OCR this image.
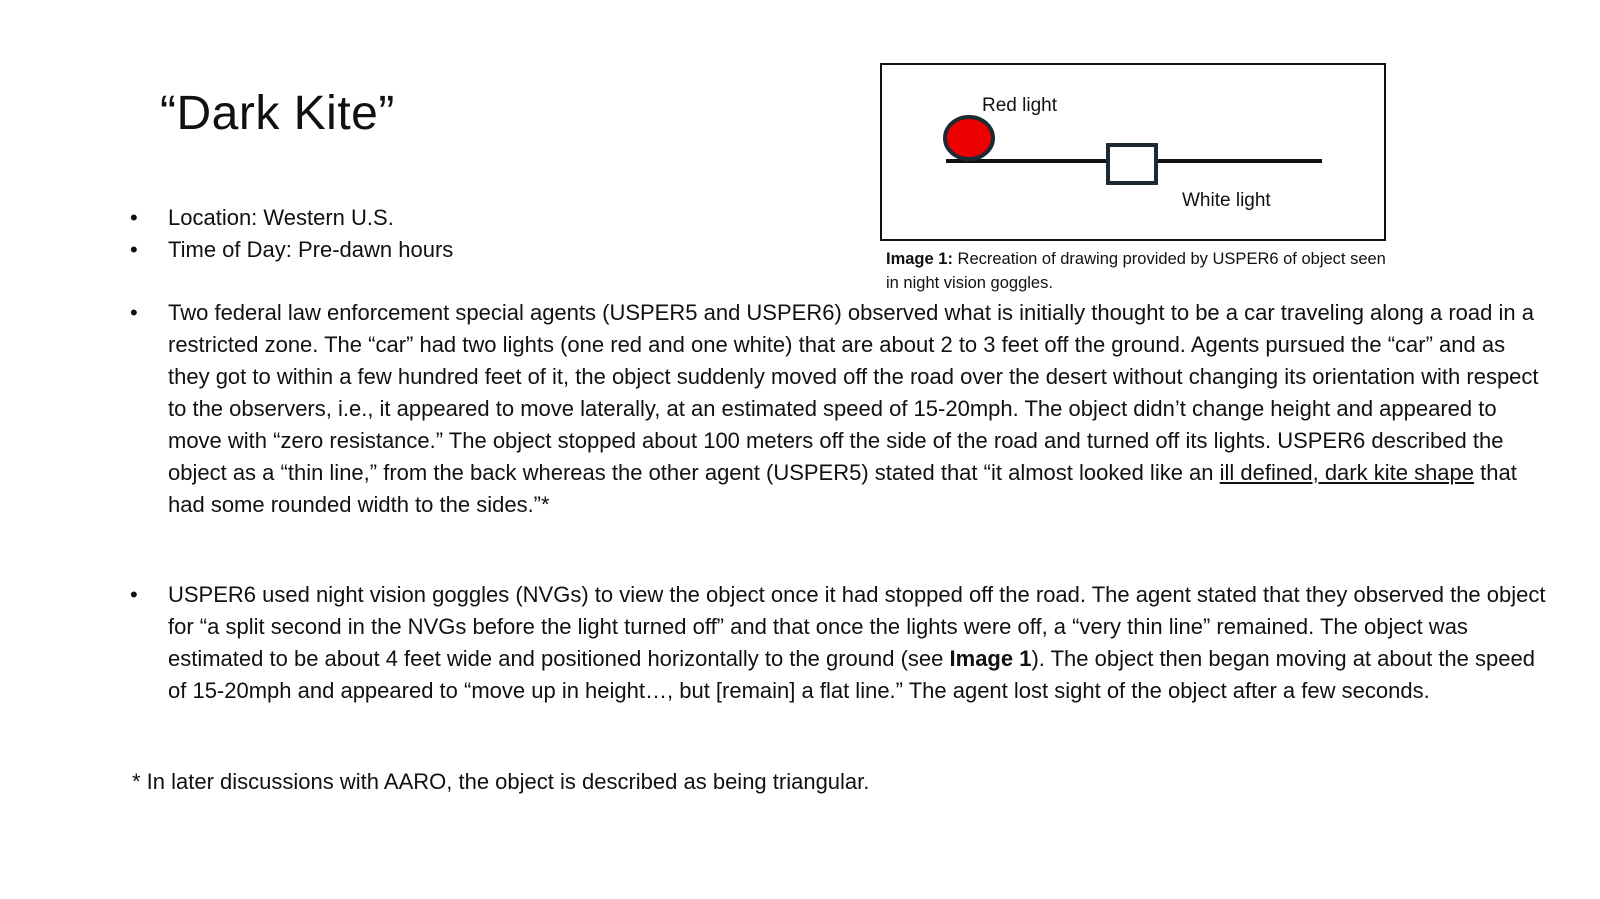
“Dark Kite”
•	Location: Western U.S.
•	Time of Day: Pre-dawn hours
• Two federal law enforcement special agents (USPER5 and USPER6) observed what is initially thought to be a car traveling along a road in a restricted zone. The “car” had two lights (one red and one white) that are about 2 to 3 feet off the ground. Agents pursued the “car” and as they got to within a few hundred feet of it, the object suddenly moved off the road over the desert without changing its orientation with respect to the observers, i.e., it appeared to move laterally, at an estimated speed of 15-20mph. The object didn’t change height and appeared to move with “zero resistance.” The object stopped about 100 meters off the side of the road and turned off its lights. USPER6 described the object as a “thin line,” from the back whereas the other agent (USPER5) stated that “it almost looked like an ill defined, dark kite shape that had some rounded width to the sides.”*
• USPER6 used night vision goggles (NVGs) to view the object once it had stopped off the road. The agent stated that they observed the object for “a split second in the NVGs before the light turned off” and that once the lights were off, a “very thin line” remained. The object was estimated to be about 4 feet wide and positioned horizontally to the ground (see Image 1). The object then began moving at about the speed of 15-20mph and appeared to “move up in height…, but [remain] a flat line.” The agent lost sight of the object after a few seconds.
* In later discussions with AARO, the object is described as being triangular.
Red light
White light
Image 1: Recreation of drawing provided by USPER6 of object seen in night vision goggles.
